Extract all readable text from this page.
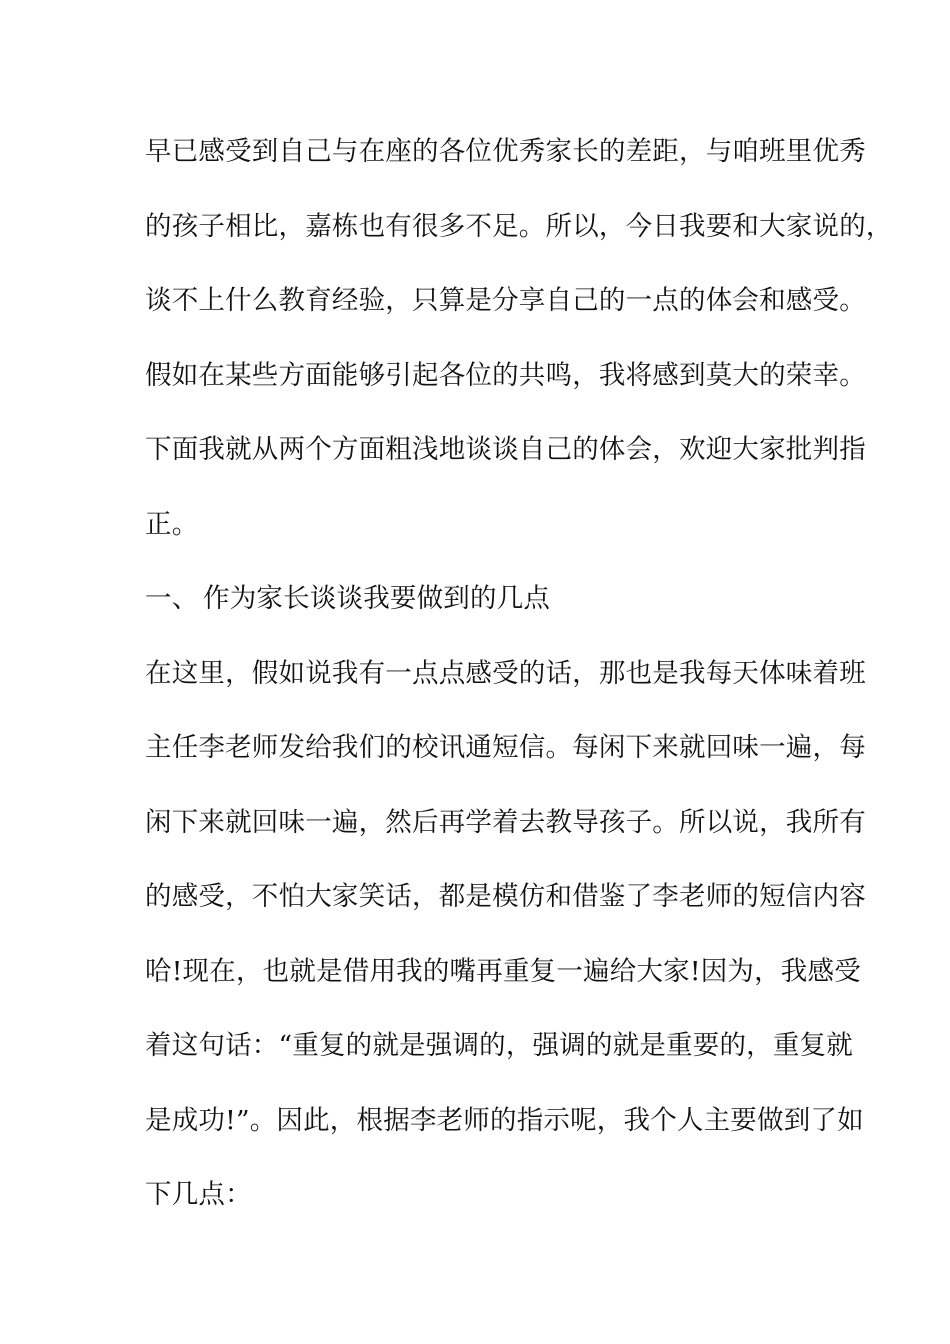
早已感受到自己与在座的各位优秀家长的差距，与咱班里优秀
的孩子相比，嘉栋也有很多不足。所以，今日我要和大家说的，
谈不上什么教育经验，只算是分享自己的一点的体会和感受。
假如在某些方面能够引起各位的共鸣，我将感到莫大的荣幸。
下面我就从两个方面粗浅地谈谈自己的体会，欢迎大家批判指
正。
一、 作为家长谈谈我要做到的几点
在这里，假如说我有一点点感受的话，那也是我每天体味着班
主任李老师发给我们的校讯通短信。每闲下来就回味一遍，每
闲下来就回味一遍，然后再学着去教导孩子。所以说，我所有
的感受，不怕大家笑话，都是模仿和借鉴了李老师的短信内容
哈!现在，也就是借用我的嘴再重复一遍给大家!因为，我感受
着这句话：“重复的就是强调的，强调的就是重要的，重复就
是成功!”。因此，根据李老师的指示呢，我个人主要做到了如
下几点：
